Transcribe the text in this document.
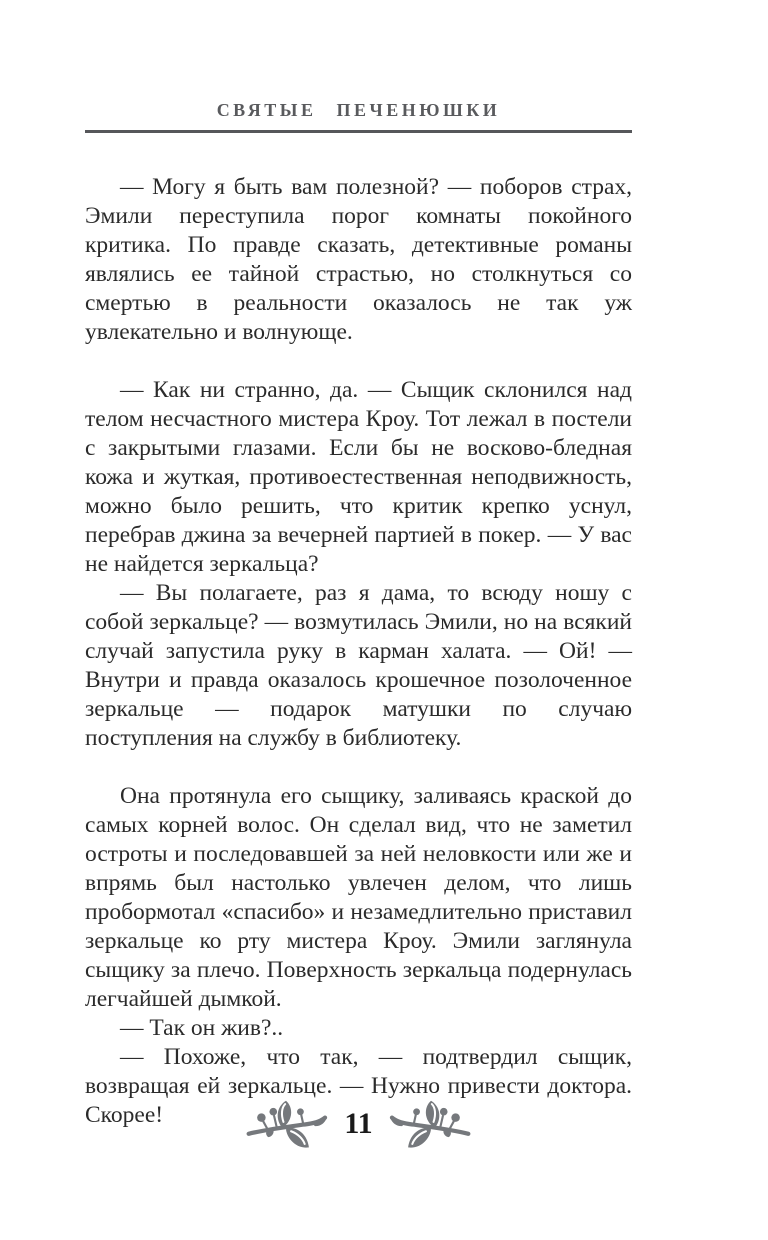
СВЯТЫЕ ПЕЧЕНЮШКИ

— Могу я быть вам полезной? — поборов страх, Эмили переступила порог комнаты покойного критика. По правде сказать, детективные романы являлись ее тайной страстью, но столкнуться со смертью в реальности оказалось не так уж увлекательно и волнующе.

— Как ни странно, да. — Сыщик склонился над телом несчастного мистера Кроу. Тот лежал в постели с закрытыми глазами. Если бы не восково-бледная кожа и жуткая, противоестественная неподвижность, можно было решить, что критик крепко уснул, перебрав джина за вечерней партией в покер. — У вас не найдется зеркальца?

— Вы полагаете, раз я дама, то всюду ношу с собой зеркальце? — возмутилась Эмили, но на всякий случай запустила руку в карман халата. — Ой! — Внутри и правда оказалось крошечное позолоченное зеркальце — подарок матушки по случаю поступления на службу в библиотеку.

Она протянула его сыщику, заливаясь краской до самых корней волос. Он сделал вид, что не заметил остроты и последовавшей за ней неловкости или же и впрямь был настолько увлечен делом, что лишь пробормотал «спасибо» и незамедлительно приставил зеркальце ко рту мистера Кроу. Эмили заглянула сыщику за плечо. Поверхность зеркальца подернулась легчайшей дымкой.

— Так он жив?..

— Похоже, что так, — подтвердил сыщик, возвращая ей зеркальце. — Нужно привести доктора. Скорее!	11
